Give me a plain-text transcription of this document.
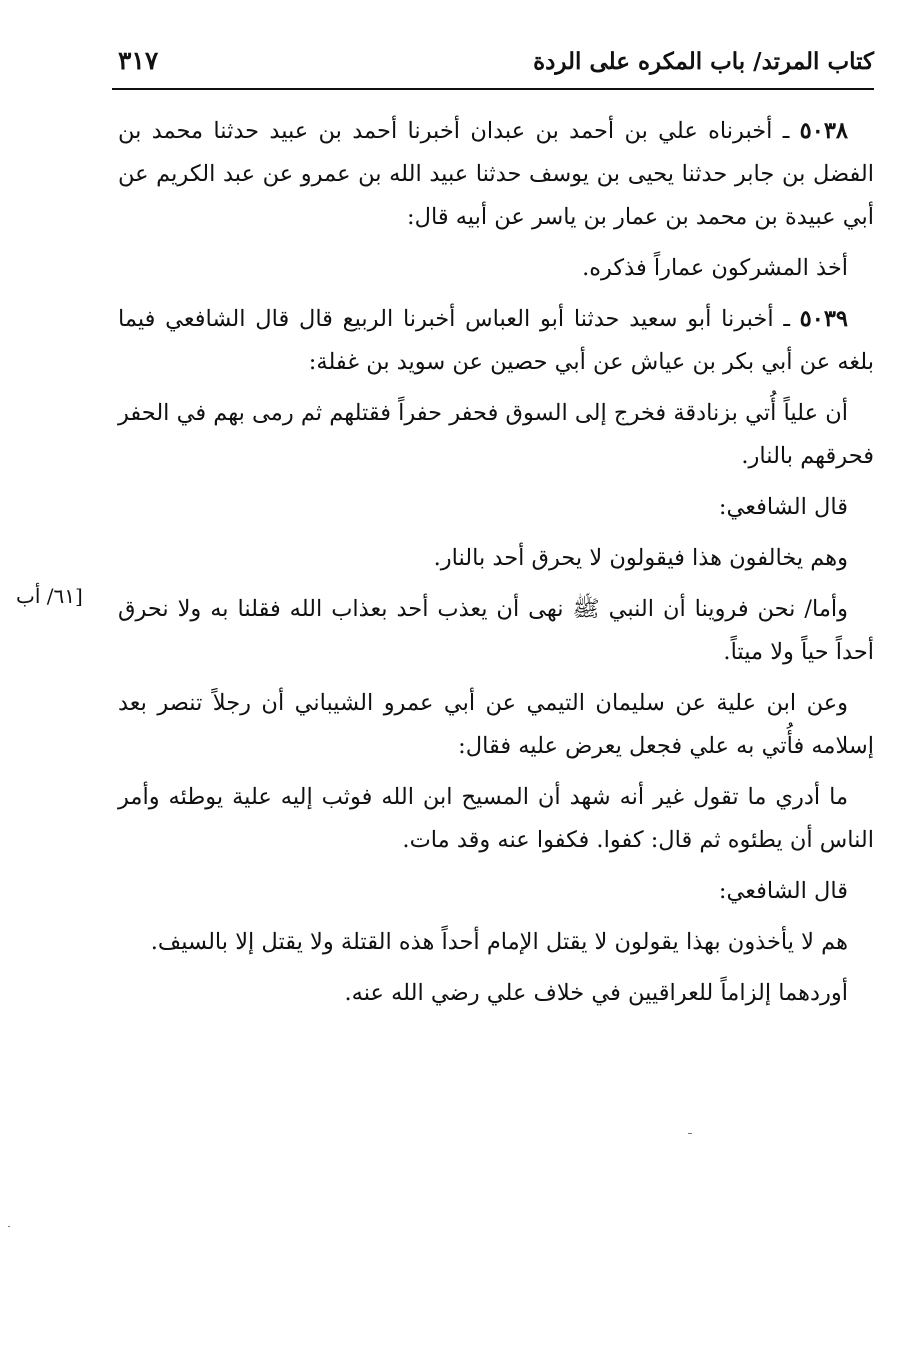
كتاب المرتد/ باب المكره على الردة
٣١٧
[٦١/ أب

٥٠٣٨ ـ أخبرناه علي بن أحمد بن عبدان أخبرنا أحمد بن عبيد حدثنا محمد بن الفضل بن جابر حدثنا يحيى بن يوسف حدثنا عبيد الله بن عمرو عن عبد الكريم عن أبي عبيدة بن محمد بن عمار بن ياسر عن أبيه قال:

أخذ المشركون عماراً فذكره.

٥٠٣٩ ـ أخبرنا أبو سعيد حدثنا أبو العباس أخبرنا الربيع قال قال الشافعي فيما بلغه عن أبي بكر بن عياش عن أبي حصين عن سويد بن غفلة:

أن علياً أُتي بزنادقة فخرج إلى السوق فحفر حفراً فقتلهم ثم رمى بهم في الحفر فحرقهم بالنار.

قال الشافعي:

وهم يخالفون هذا فيقولون لا يحرق أحد بالنار.

وأما/ نحن فروينا أن النبي ﷺ نهى أن يعذب أحد بعذاب الله فقلنا به ولا نحرق أحداً حياً ولا ميتاً.

وعن ابن علية عن سليمان التيمي عن أبي عمرو الشيباني أن رجلاً تنصر بعد إسلامه فأُتي به علي فجعل يعرض عليه فقال:

ما أدري ما تقول غير أنه شهد أن المسيح ابن الله فوثب إليه علية يوطئه وأمر الناس أن يطئوه ثم قال: كفوا. فكفوا عنه وقد مات.

قال الشافعي:

هم لا يأخذون بهذا يقولون لا يقتل الإمام أحداً هذه القتلة ولا يقتل إلا بالسيف.

أوردهما إلزاماً للعراقيين في خلاف علي رضي الله عنه.
